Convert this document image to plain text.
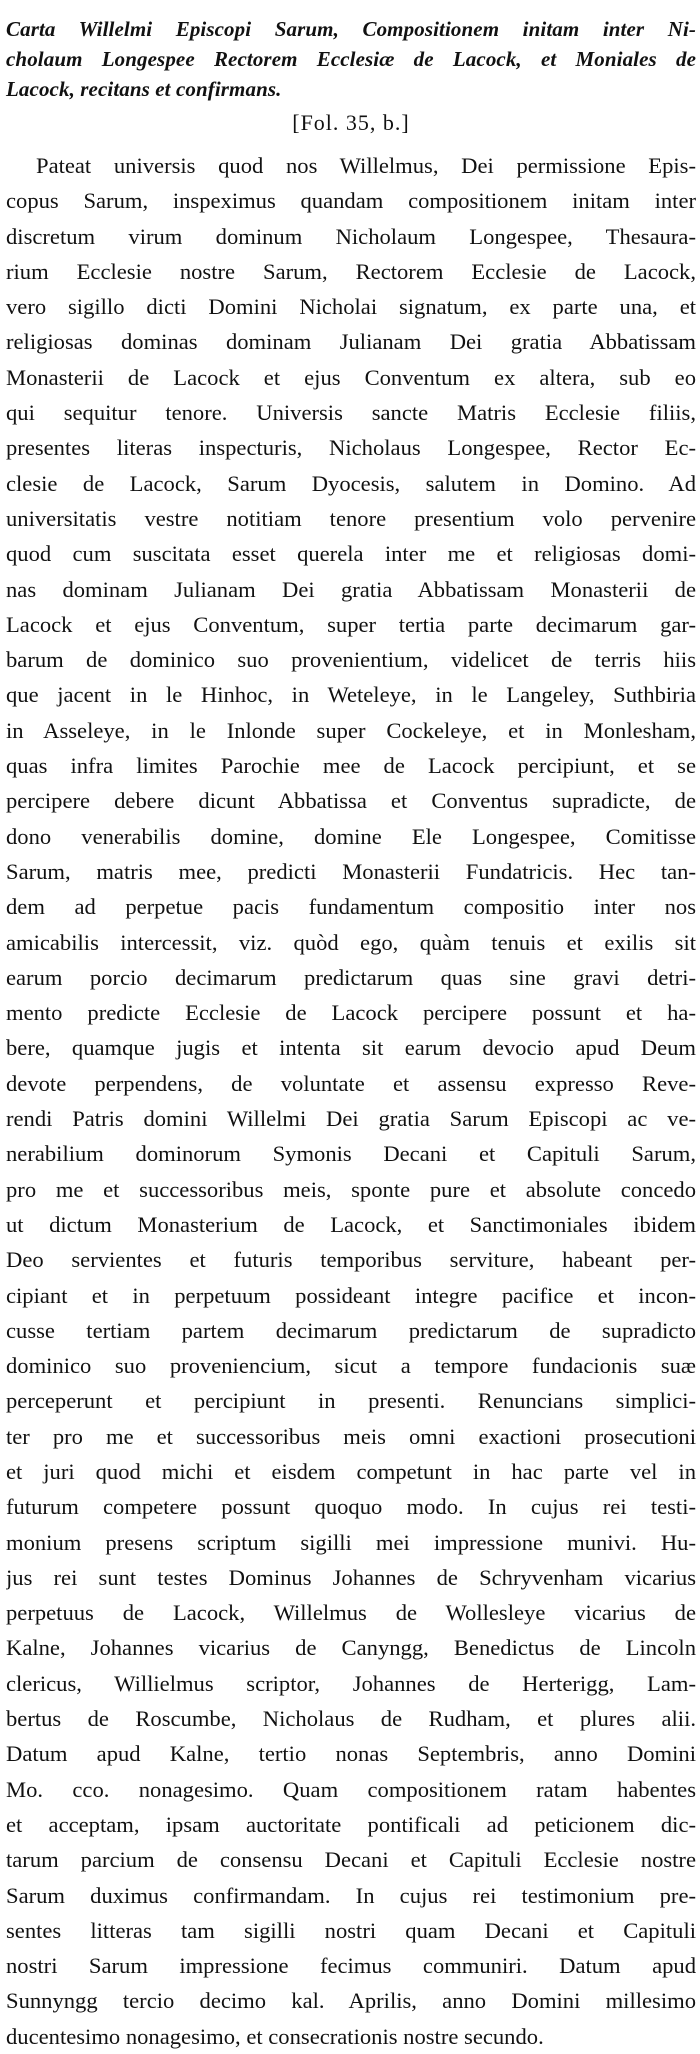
Carta Willelmi Episcopi Sarum, Compositionem initam inter Ni-
cholaum Longespee Rectorem Ecclesiæ de Lacock, et Moniales de
Lacock, recitans et confirmans.
[Fol. 35, b.]
Pateat universis quod nos Willelmus, Dei permissione Epis-
copus Sarum, inspeximus quandam compositionem initam inter
discretum virum dominum Nicholaum Longespee, Thesaura-
rium Ecclesie nostre Sarum, Rectorem Ecclesie de Lacock,
vero sigillo dicti Domini Nicholai signatum, ex parte una, et
religiosas dominas dominam Julianam Dei gratia Abbatissam
Monasterii de Lacock et ejus Conventum ex altera, sub eo
qui sequitur tenore. Universis sancte Matris Ecclesie filiis,
presentes literas inspecturis, Nicholaus Longespee, Rector Ec-
clesie de Lacock, Sarum Dyocesis, salutem in Domino. Ad
universitatis vestre notitiam tenore presentium volo pervenire
quod cum suscitata esset querela inter me et religiosas domi-
nas dominam Julianam Dei gratia Abbatissam Monasterii de
Lacock et ejus Conventum, super tertia parte decimarum gar-
barum de dominico suo provenientium, videlicet de terris hiis
que jacent in le Hinhoc, in Weteleye, in le Langeley, Suthbiria
in Asseleye, in le Inlonde super Cockeleye, et in Monlesham,
quas infra limites Parochie mee de Lacock percipiunt, et se
percipere debere dicunt Abbatissa et Conventus supradicte, de
dono venerabilis domine, domine Ele Longespee, Comitisse
Sarum, matris mee, predicti Monasterii Fundatricis. Hec tan-
dem ad perpetue pacis fundamentum compositio inter nos
amicabilis intercessit, viz. quòd ego, quàm tenuis et exilis sit
earum porcio decimarum predictarum quas sine gravi detri-
mento predicte Ecclesie de Lacock percipere possunt et ha-
bere, quamque jugis et intenta sit earum devocio apud Deum
devote perpendens, de voluntate et assensu expresso Reve-
rendi Patris domini Willelmi Dei gratia Sarum Episcopi ac ve-
nerabilium dominorum Symonis Decani et Capituli Sarum,
pro me et successoribus meis, sponte pure et absolute concedo
ut dictum Monasterium de Lacock, et Sanctimoniales ibidem
Deo servientes et futuris temporibus serviture, habeant per-
cipiant et in perpetuum possideant integre pacifice et incon-
cusse tertiam partem decimarum predictarum de supradicto
dominico suo proveniencium, sicut a tempore fundacionis suæ
perceperunt et percipiunt in presenti. Renuncians simplici-
ter pro me et successoribus meis omni exactioni prosecutioni
et juri quod michi et eisdem competunt in hac parte vel in
futurum competere possunt quoquo modo. In cujus rei testi-
monium presens scriptum sigilli mei impressione munivi. Hu-
jus rei sunt testes Dominus Johannes de Schryvenham vicarius
perpetuus de Lacock, Willelmus de Wollesleye vicarius de
Kalne, Johannes vicarius de Canyngg, Benedictus de Lincoln
clericus, Willielmus scriptor, Johannes de Herterigg, Lam-
bertus de Roscumbe, Nicholaus de Rudham, et plures alii.
Datum apud Kalne, tertio nonas Septembris, anno Domini
Mo. cco. nonagesimo. Quam compositionem ratam habentes
et acceptam, ipsam auctoritate pontificali ad peticionem dic-
tarum parcium de consensu Decani et Capituli Ecclesie nostre
Sarum duximus confirmandam. In cujus rei testimonium pre-
sentes litteras tam sigilli nostri quam Decani et Capituli
nostri Sarum impressione fecimus communiri. Datum apud
Sunnyngg tercio decimo kal. Aprilis, anno Domini millesimo
ducentesimo nonagesimo, et consecrationis nostre secundo.
